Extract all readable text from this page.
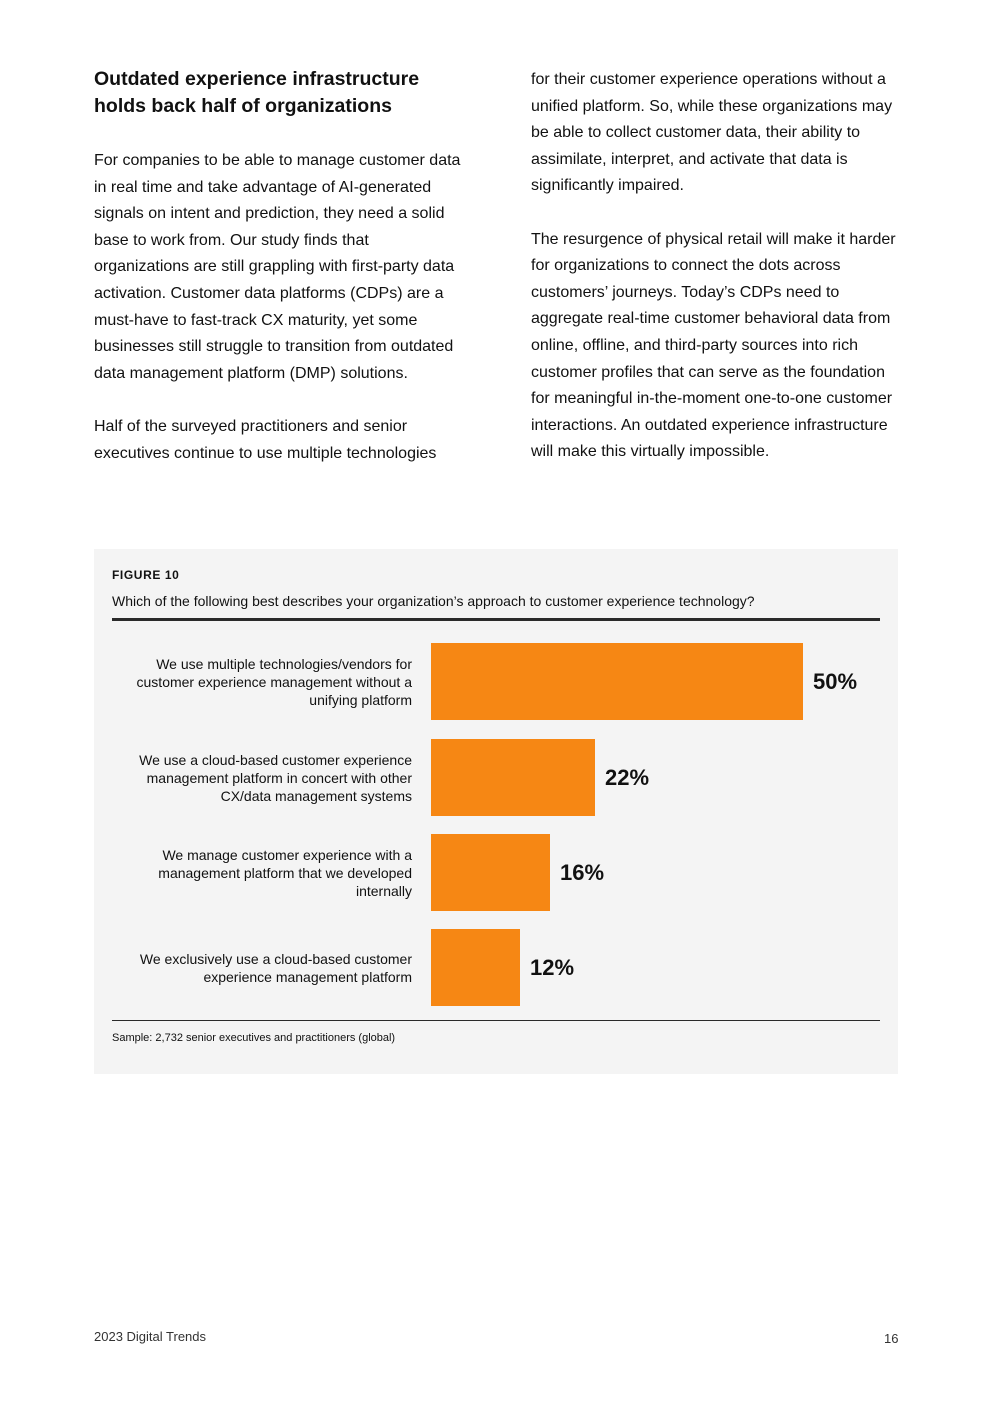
Outdated experience infrastructure holds back half of organizations

For companies to be able to manage customer data in real time and take advantage of AI-generated signals on intent and prediction, they need a solid base to work from. Our study finds that organizations are still grappling with first-party data activation. Customer data platforms (CDPs) are a must-have to fast-track CX maturity, yet some businesses still struggle to transition from outdated data management platform (DMP) solutions.

Half of the surveyed practitioners and senior executives continue to use multiple technologies

for their customer experience operations without a unified platform. So, while these organizations may be able to collect customer data, their ability to assimilate, interpret, and activate that data is significantly impaired.

The resurgence of physical retail will make it harder for organizations to connect the dots across customers’ journeys. Today’s CDPs need to aggregate real-time customer behavioral data from online, offline, and third-party sources into rich customer profiles that can serve as the foundation for meaningful in-the-moment one-to-one customer interactions. An outdated experience infrastructure will make this virtually impossible.

FIGURE 10
Which of the following best describes your organization’s approach to customer experience technology?
We use multiple technologies/vendors for customer experience management without a unifying platform
50%
We use a cloud-based customer experience management platform in concert with other CX/data management systems
22%
We manage customer experience with a management platform that we developed internally
16%
We exclusively use a cloud-based customer experience management platform	12%
Sample: 2,732 senior executives and practitioners (global)
2023 Digital Trends	16
